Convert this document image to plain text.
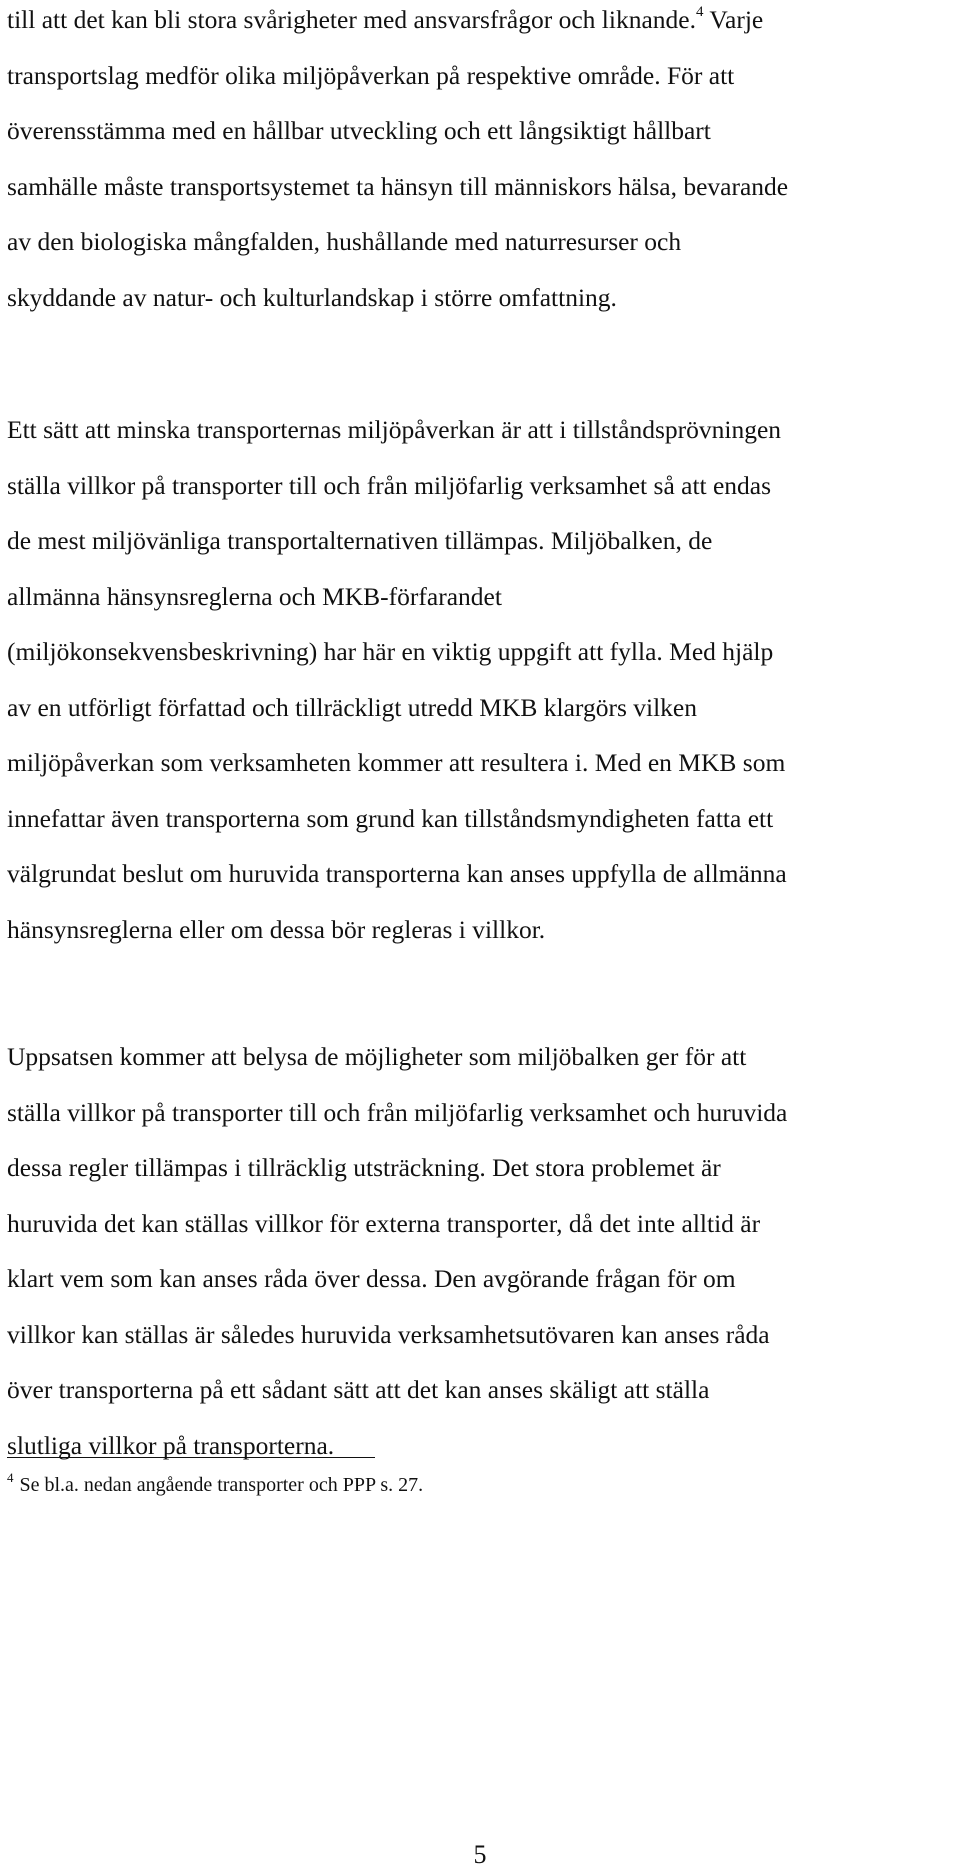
till att det kan bli stora svårigheter med ansvarsfrågor och liknande.$^4$ Varje
transportslag medför olika miljöpåverkan på respektive område. För att
överensstämma med en hållbar utveckling och ett långsiktigt hållbart
samhälle måste transportsystemet ta hänsyn till människors hälsa, bevarande
av den biologiska mångfalden, hushållande med naturresurser och
skyddande av natur- och kulturlandskap i större omfattning.
Ett sätt att minska transporternas miljöpåverkan är att i tillståndsprövningen
ställa villkor på transporter till och från miljöfarlig verksamhet så att endas
de mest miljövänliga transportalternativen tillämpas. Miljöbalken, de
allmänna hänsynsreglerna och MKB-förfarandet
(miljökonsekvensbeskrivning) har här en viktig uppgift att fylla. Med hjälp
av en utförligt författad och tillräckligt utredd MKB klargörs vilken
miljöpåverkan som verksamheten kommer att resultera i. Med en MKB som
innefattar även transporterna som grund kan tillståndsmyndigheten fatta ett
välgrundat beslut om huruvida transporterna kan anses uppfylla de allmänna
hänsynsreglerna eller om dessa bör regleras i villkor.
Uppsatsen kommer att belysa de möjligheter som miljöbalken ger för att
ställa villkor på transporter till och från miljöfarlig verksamhet och huruvida
dessa regler tillämpas i tillräcklig utsträckning. Det stora problemet är
huruvida det kan ställas villkor för externa transporter, då det inte alltid är
klart vem som kan anses råda över dessa. Den avgörande frågan för om
villkor kan ställas är således huruvida verksamhetsutövaren kan anses råda
över transporterna på ett sådant sätt att det kan anses skäligt att ställa
slutliga villkor på transporterna.
$^4$ Se bl.a. nedan angående transporter och PPP s. 27.
5
